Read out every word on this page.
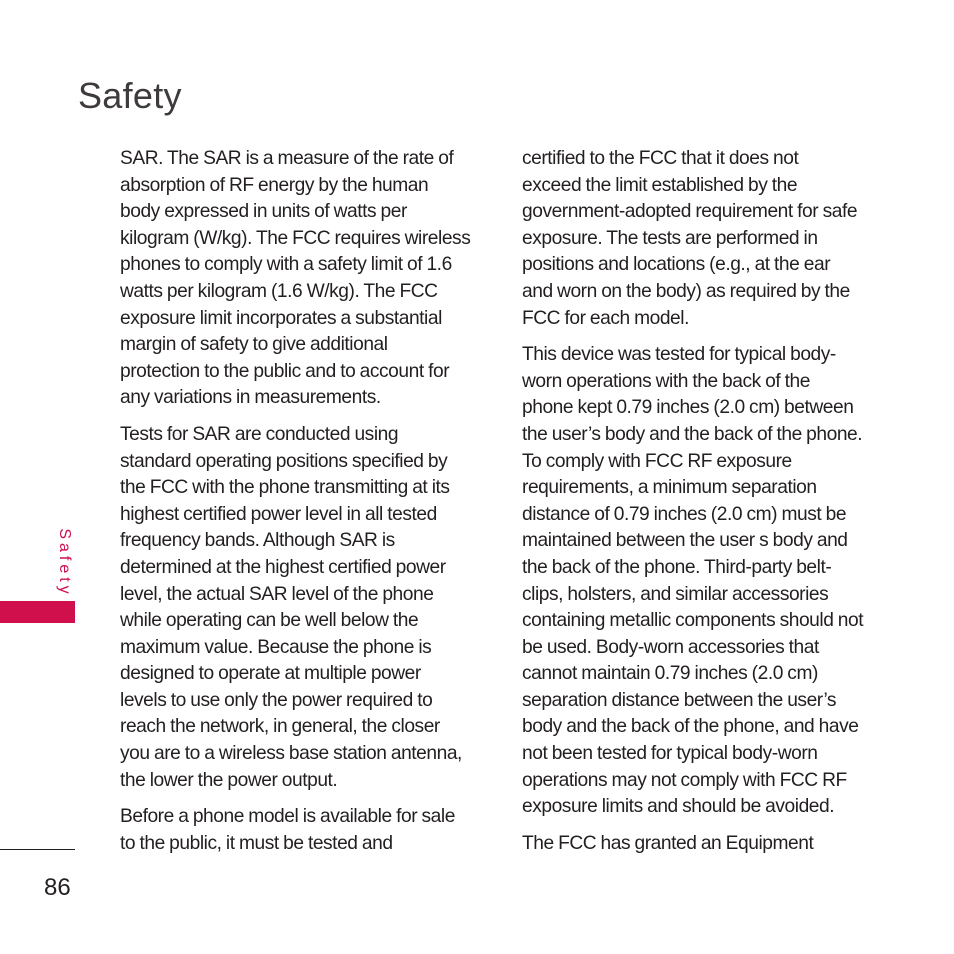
Safety

SAR. The SAR is a measure of the rate of
absorption of RF energy by the human
body expressed in units of watts per
kilogram (W/kg). The FCC requires wireless
phones to comply with a safety limit of 1.6
watts per kilogram (1.6 W/kg). The FCC
exposure limit incorporates a substantial
margin of safety to give additional
protection to the public and to account for
any variations in measurements.

Tests for SAR are conducted using
standard operating positions specified by
the FCC with the phone transmitting at its
highest certified power level in all tested
frequency bands. Although SAR is
determined at the highest certified power
level, the actual SAR level of the phone
while operating can be well below the
maximum value. Because the phone is
designed to operate at multiple power
levels to use only the power required to
reach the network, in general, the closer
you are to a wireless base station antenna,
the lower the power output.

Before a phone model is available for sale
to the public, it must be tested and

certified to the FCC that it does not
exceed the limit established by the
government-adopted requirement for safe
exposure. The tests are performed in
positions and locations (e.g., at the ear
and worn on the body) as required by the
FCC for each model.

This device was tested for typical body-
worn operations with the back of the
phone kept 0.79 inches (2.0 cm) between
the user’s body and the back of the phone.
To comply with FCC RF exposure
requirements, a minimum separation
distance of 0.79 inches (2.0 cm) must be
maintained between the user s body and
the back of the phone. Third-party belt-
clips, holsters, and similar accessories
containing metallic components should not
be used. Body-worn accessories that
cannot maintain 0.79 inches (2.0 cm)
separation distance between the user’s
body and the back of the phone, and have
not been tested for typical body-worn
operations may not comply with FCC RF
exposure limits and should be avoided.

The FCC has granted an Equipment

Safety
86
